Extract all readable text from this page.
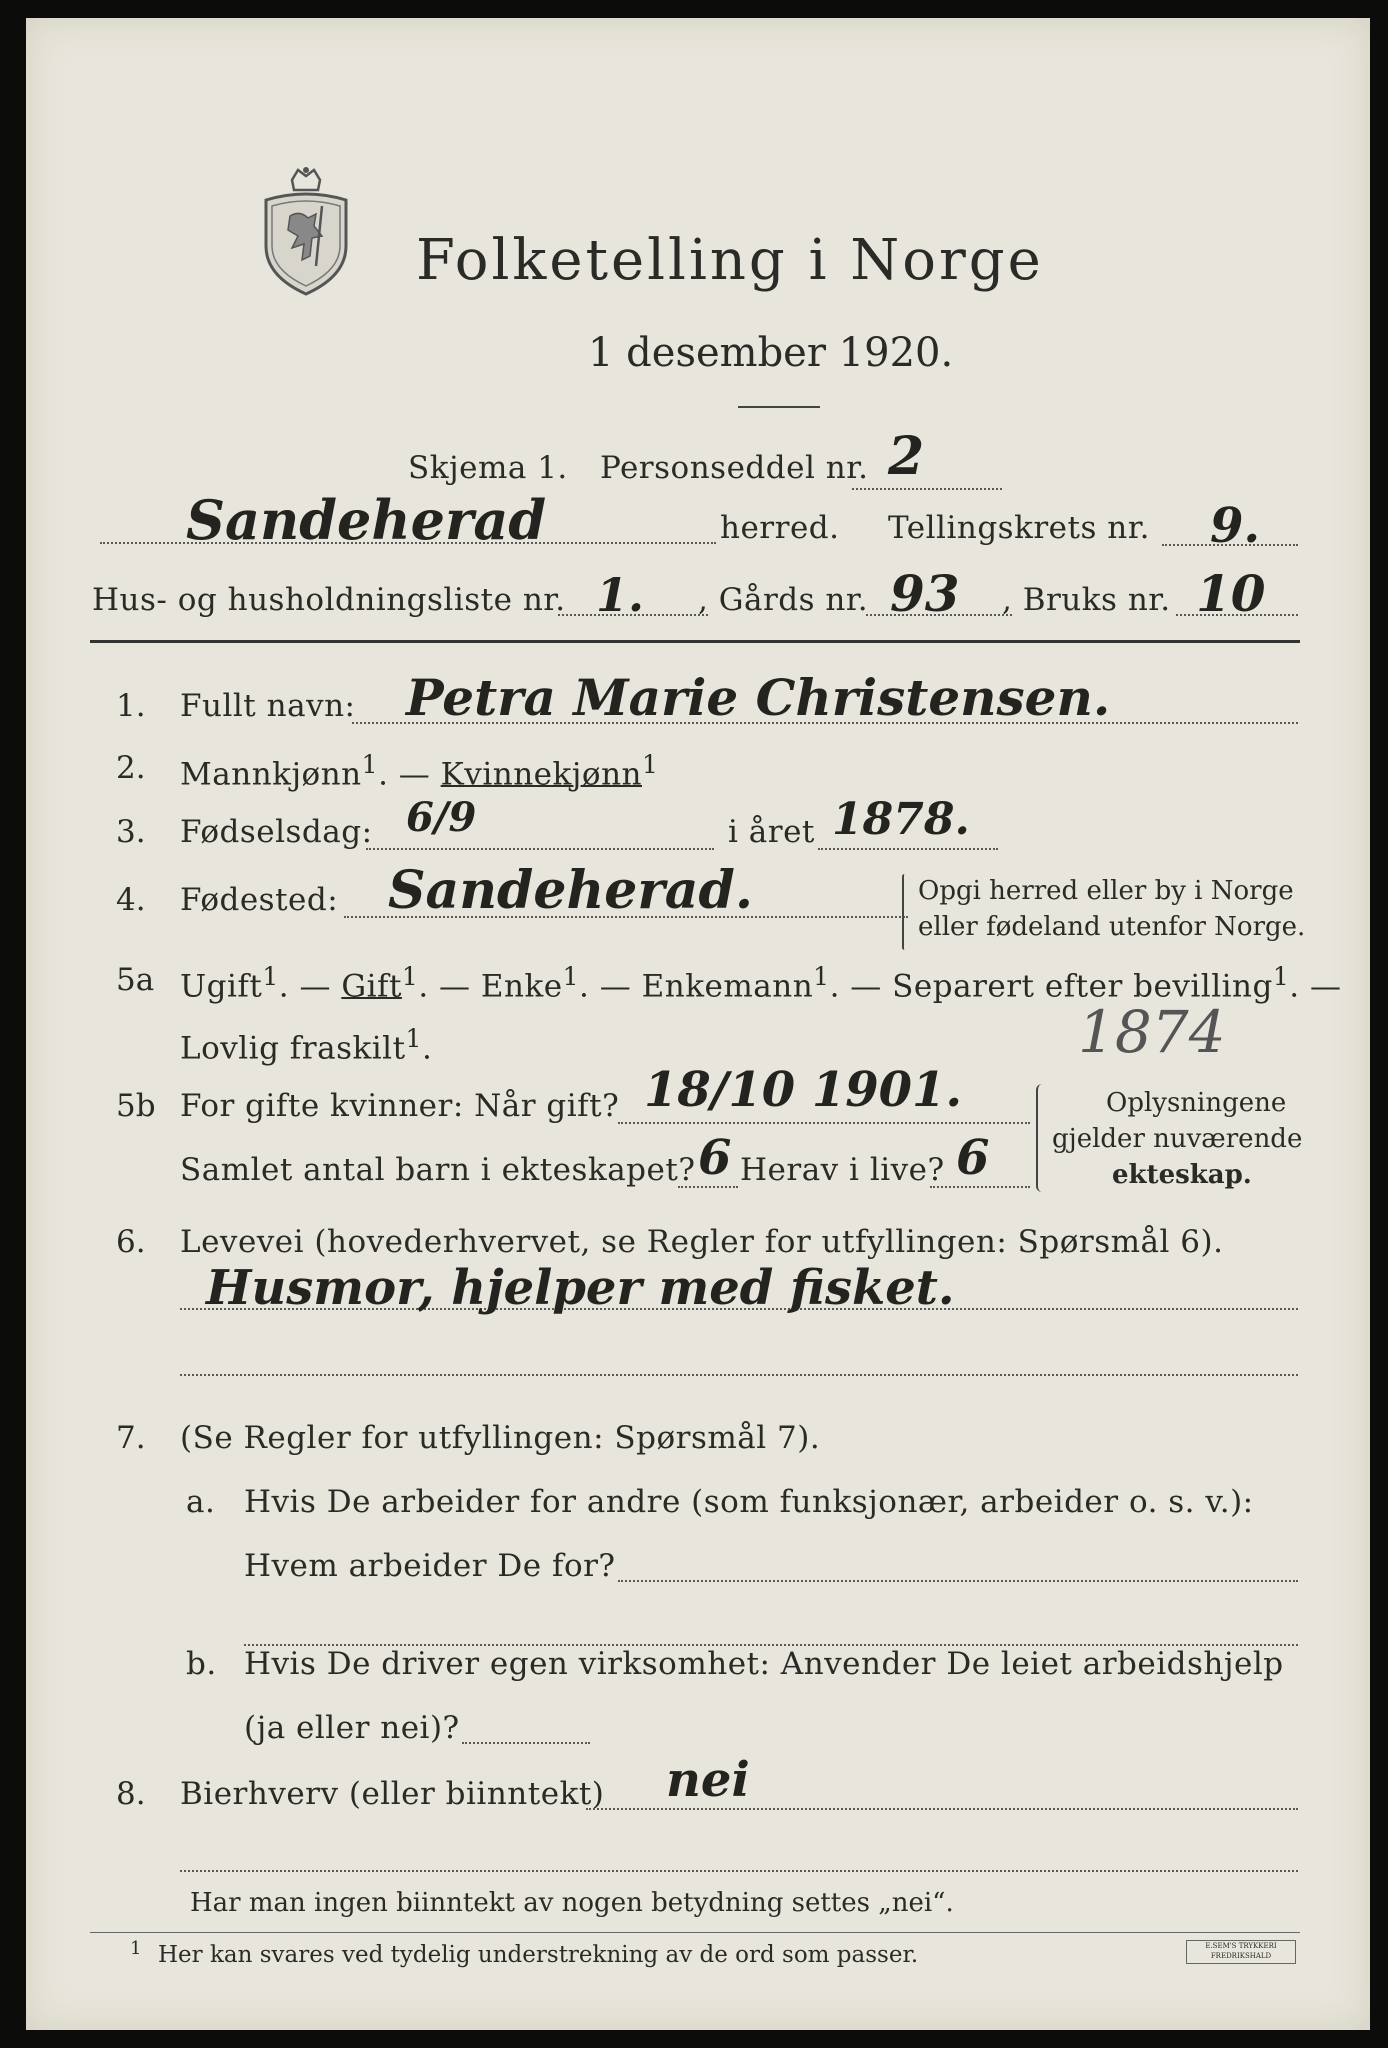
Folketelling i Norge
1 desember 1920.
Skjema 1. Personseddel nr. 2
Sandeherad	herred. Tellingskrets nr. 9.
Hus- og husholdningsliste nr. 1. , Gårds nr. 93 , Bruks nr. 10
1. Fullt navn: Petra Marie Christensen.
2. Mannkjønn$^1$. — Kvinnekjønn$^1$
3. Fødselsdag: 6/9	i året 1878.
4. Fødested: Sandeherad.	Opgi herred eller by i Norge
eller fødeland utenfor Norge.
5a Ugift$^1$. — Gift$^1$. — Enke$^1$. — Enkemann$^1$. — Separert efter bevilling$^1$. —
Lovlig fraskilt$^1$.	1874
5b For gifte kvinner: Når gift? 18/10 1901.
Samlet antal barn i ekteskapet? 6 Herav i live? 6
Oplysningene
gjelder nuværende
ekteskap.
6. Levevei (hovederhvervet, se Regler for utfyllingen: Spørsmål 6).
Husmor, hjelper med fisket.
7. (Se Regler for utfyllingen: Spørsmål 7).
a. Hvis De arbeider for andre (som funksjonær, arbeider o. s. v.):
Hvem arbeider De for?
b. Hvis De driver egen virksomhet: Anvender De leiet arbeidshjelp
(ja eller nei)?
8. Bierhverv (eller biinntekt) nei
Har man ingen biinntekt av nogen betydning settes „nei“.
1 Her kan svares ved tydelig understrekning av de ord som passer.	E.SEM'S TRYKKERI FREDRIKSHALD
